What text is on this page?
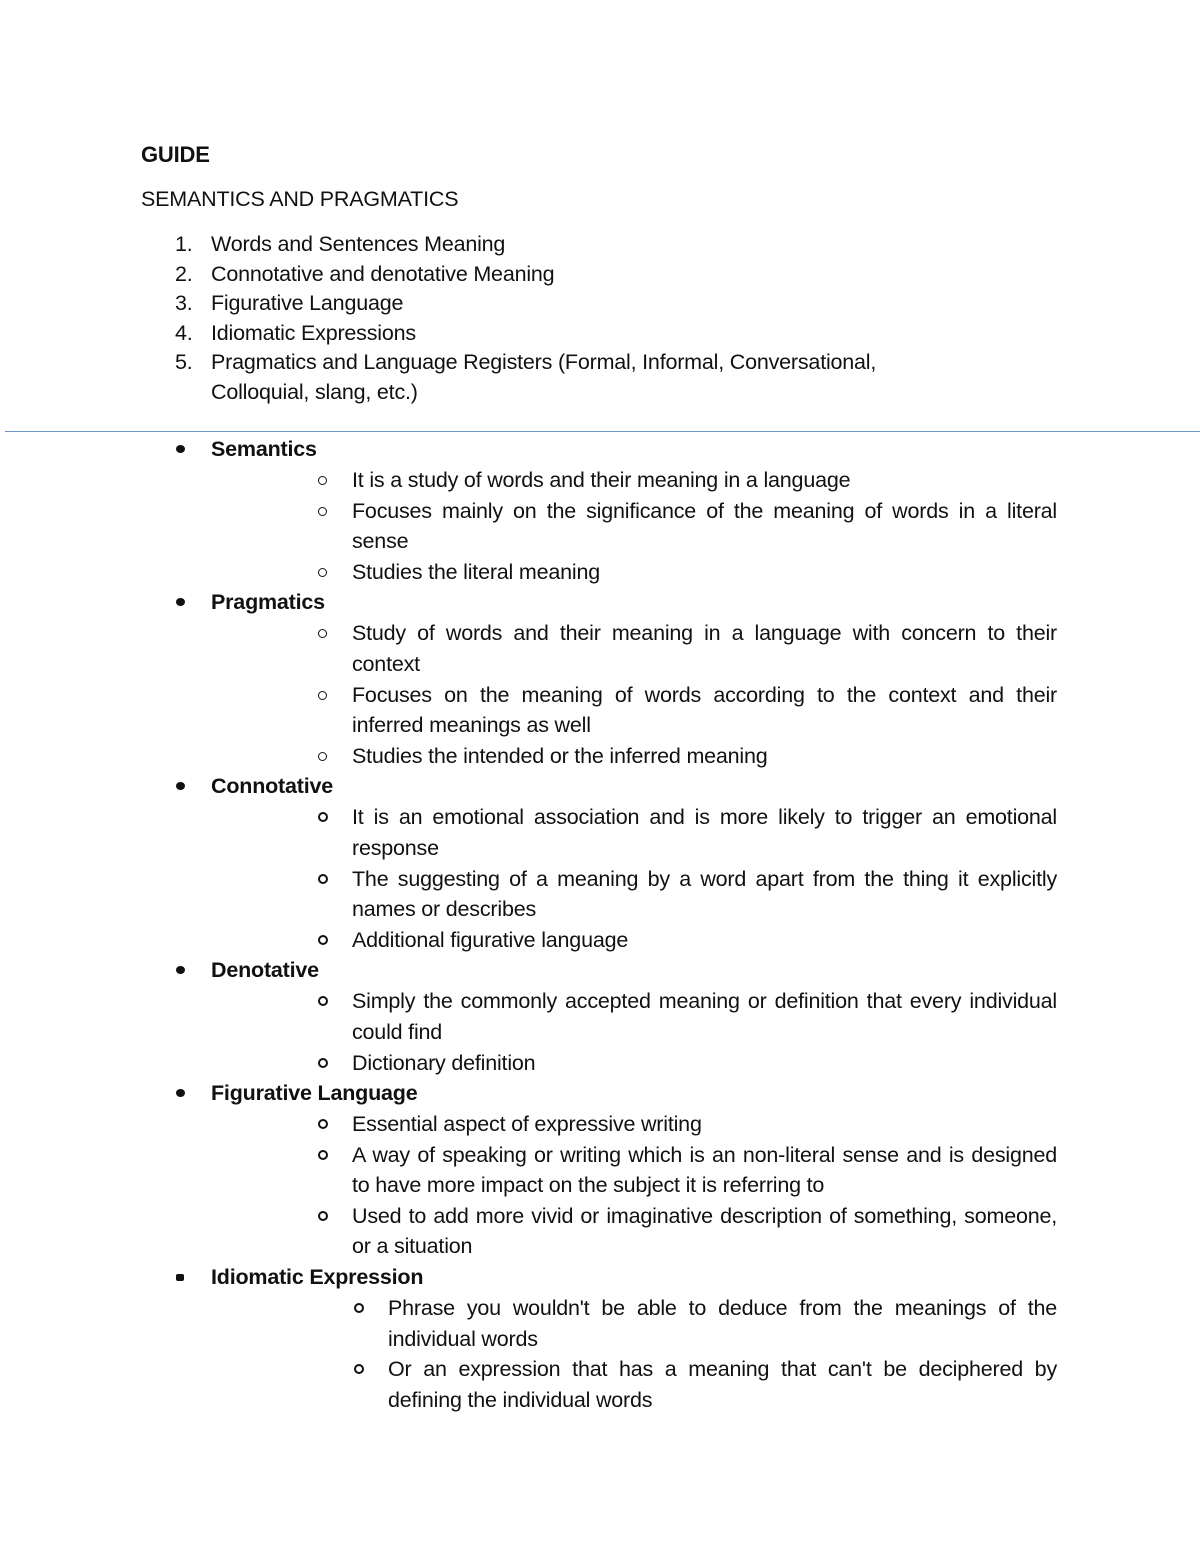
GUIDE

SEMANTICS AND PRAGMATICS

1. Words and Sentences Meaning
2. Connotative and denotative Meaning
3. Figurative Language
4. Idiomatic Expressions
5. Pragmatics and Language Registers (Formal, Informal, Conversational, Colloquial, slang, etc.)
Semantics
It is a study of words and their meaning in a language
Focuses mainly on the significance of the meaning of words in a literal sense
Studies the literal meaning
Pragmatics
Study of words and their meaning in a language with concern to their context
Focuses on the meaning of words according to the context and their inferred meanings as well
Studies the intended or the inferred meaning
Connotative
It is an emotional association and is more likely to trigger an emotional response
The suggesting of a meaning by a word apart from the thing it explicitly names or describes
Additional figurative language
Denotative
Simply the commonly accepted meaning or definition that every individual could find
Dictionary definition
Figurative Language
Essential aspect of expressive writing
A way of speaking or writing which is an non-literal sense and is designed to have more impact on the subject it is referring to
Used to add more vivid or imaginative description of something, someone, or a situation
Idiomatic Expression
Phrase you wouldn't be able to deduce from the meanings of the individual words
Or an expression that has a meaning that can't be deciphered by defining the individual words
